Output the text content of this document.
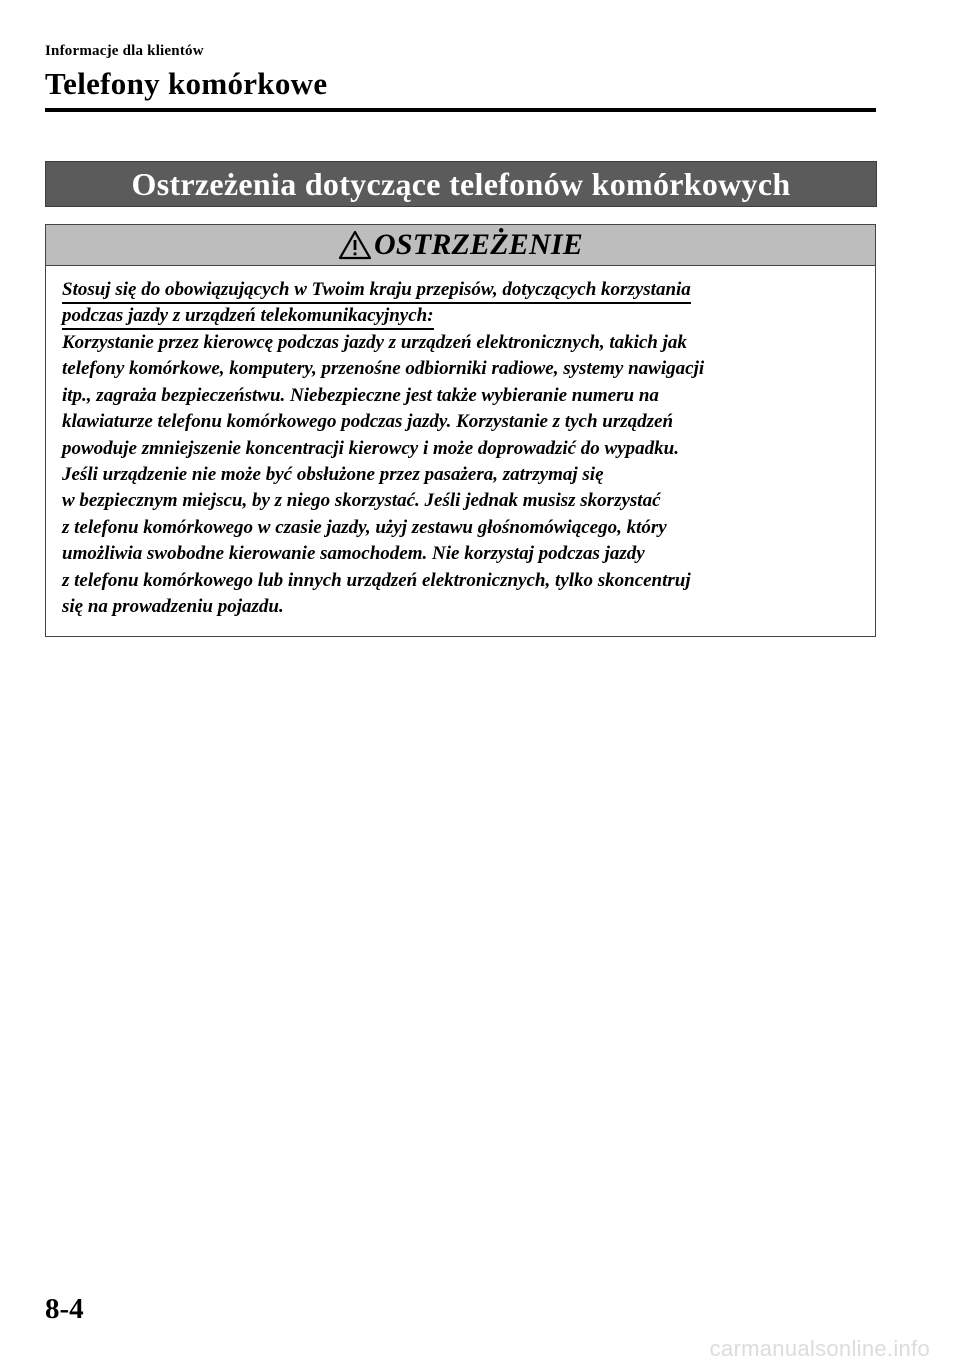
Informacje dla klientów
Telefony komórkowe
Ostrzeżenia dotyczące telefonów komórkowych
OSTRZEŻENIE
Stosuj się do obowiązujących w Twoim kraju przepisów, dotyczących korzystania
podczas jazdy z urządzeń telekomunikacyjnych:
Korzystanie przez kierowcę podczas jazdy z urządzeń elektronicznych, takich jak
telefony komórkowe, komputery, przenośne odbiorniki radiowe, systemy nawigacji
itp., zagraża bezpieczeństwu. Niebezpieczne jest także wybieranie numeru na
klawiaturze telefonu komórkowego podczas jazdy. Korzystanie z tych urządzeń
powoduje zmniejszenie koncentracji kierowcy i może doprowadzić do wypadku.
Jeśli urządzenie nie może być obsłużone przez pasażera, zatrzymaj się
w bezpiecznym miejscu, by z niego skorzystać. Jeśli jednak musisz skorzystać
z telefonu komórkowego w czasie jazdy, użyj zestawu głośnomówiącego, który
umożliwia swobodne kierowanie samochodem. Nie korzystaj podczas jazdy
z telefonu komórkowego lub innych urządzeń elektronicznych, tylko skoncentruj
się na prowadzeniu pojazdu.
8-4
carmanualsonline.info
